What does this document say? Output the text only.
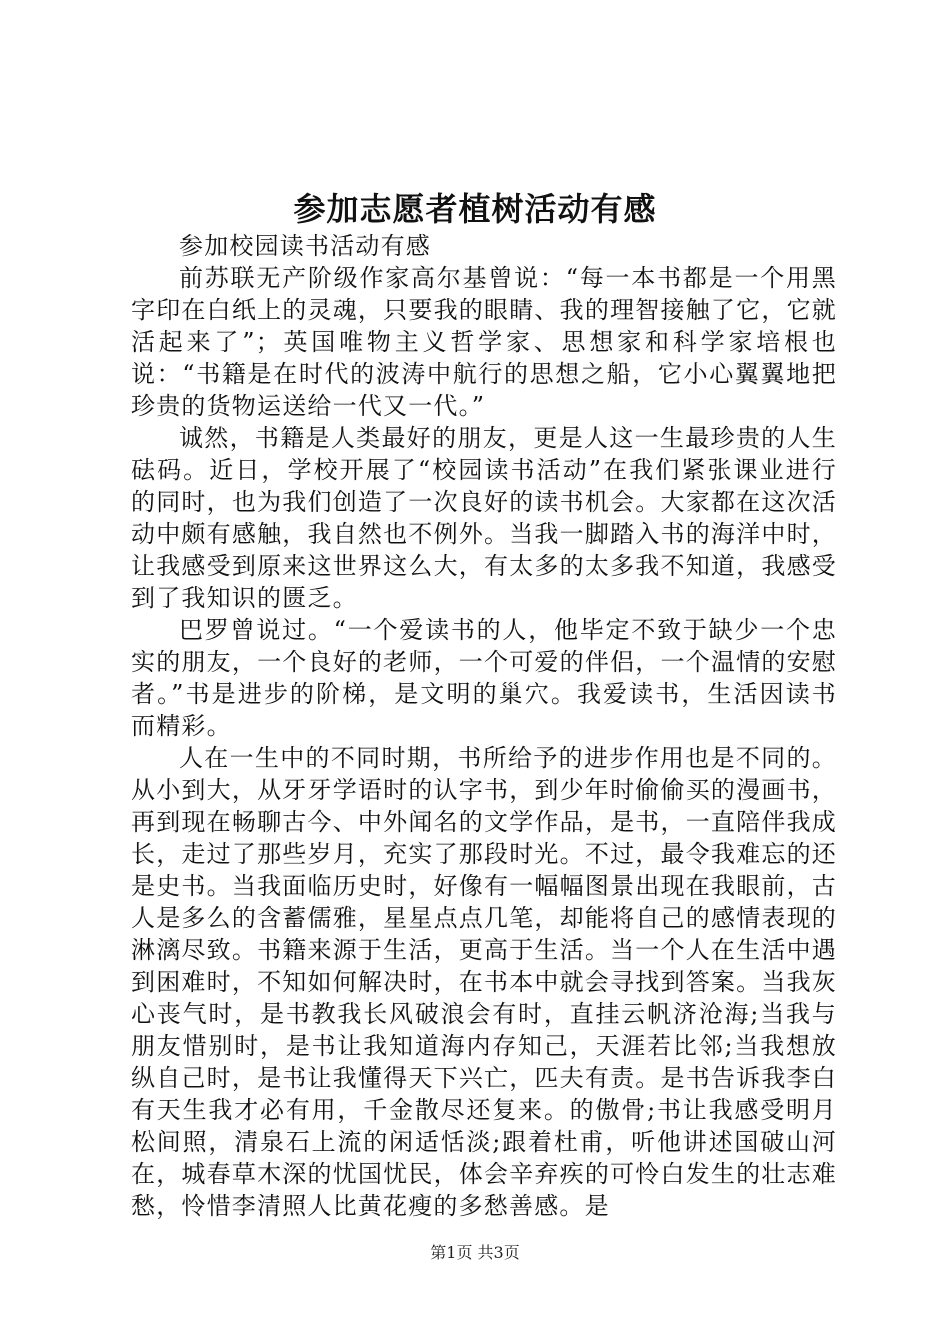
参加志愿者植树活动有感

参加校园读书活动有感

前苏联无产阶级作家高尔基曾说：“每一本书都是一个用黑字印在白纸上的灵魂，只要我的眼睛、我的理智接触了它，它就活起来了”；英国唯物主义哲学家、思想家和科学家培根也说：“书籍是在时代的波涛中航行的思想之船，它小心翼翼地把珍贵的货物运送给一代又一代。”

诚然，书籍是人类最好的朋友，更是人这一生最珍贵的人生砝码。近日，学校开展了“校园读书活动”在我们紧张课业进行的同时，也为我们创造了一次良好的读书机会。大家都在这次活动中颇有感触，我自然也不例外。当我一脚踏入书的海洋中时，让我感受到原来这世界这么大，有太多的太多我不知道，我感受到了我知识的匮乏。

巴罗曾说过。“一个爱读书的人，他毕定不致于缺少一个忠实的朋友，一个良好的老师，一个可爱的伴侣，一个温情的安慰者。”书是进步的阶梯，是文明的巢穴。我爱读书，生活因读书而精彩。

人在一生中的不同时期，书所给予的进步作用也是不同的。从小到大，从牙牙学语时的认字书，到少年时偷偷买的漫画书，再到现在畅聊古今、中外闻名的文学作品，是书，一直陪伴我成长，走过了那些岁月，充实了那段时光。不过，最令我难忘的还是史书。当我面临历史时，好像有一幅幅图景出现在我眼前，古人是多么的含蓄儒雅，星星点点几笔，却能将自己的感情表现的淋漓尽致。书籍来源于生活，更高于生活。当一个人在生活中遇到困难时，不知如何解决时，在书本中就会寻找到答案。当我灰心丧气时，是书教我长风破浪会有时，直挂云帆济沧海;当我与朋友惜别时，是书让我知道海内存知己，天涯若比邻;当我想放纵自己时，是书让我懂得天下兴亡，匹夫有责。是书告诉我李白有天生我才必有用，千金散尽还复来。的傲骨;书让我感受明月松间照，清泉石上流的闲适恬淡;跟着杜甫，听他讲述国破山河在，城春草木深的忧国忧民，体会辛弃疾的可怜白发生的壮志难愁，怜惜李清照人比黄花瘦的多愁善感。是

第1页 共3页
